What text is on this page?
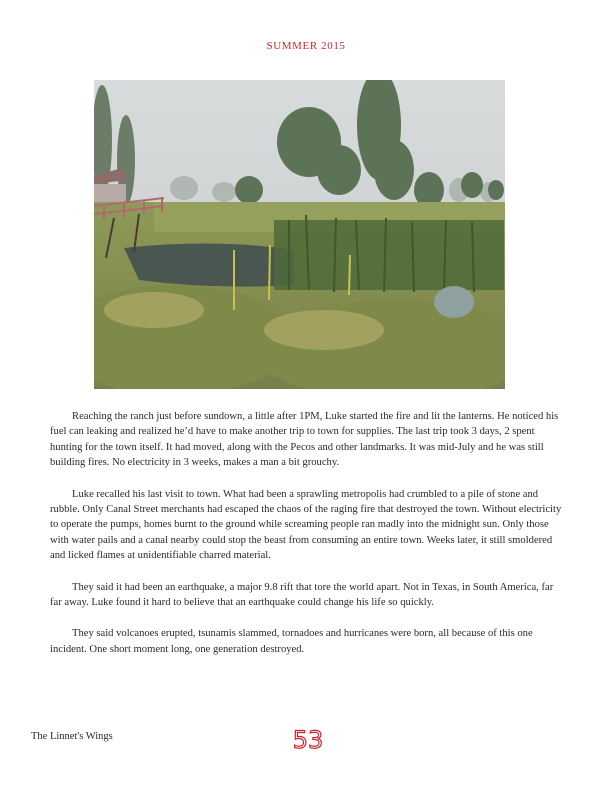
SUMMER 2015

Reaching the ranch just before sundown, a little after 1PM, Luke started the fire and lit the lanterns. He noticed his fuel can leaking and realized he’d have to make another trip to town for supplies. The last trip took 3 days, 2 spent hunting for the town itself. It had moved, along with the Pecos and other landmarks. It was mid-July and he was still building fires. No electricity in 3 weeks, makes a man a bit grouchy.

Luke recalled his last visit to town. What had been a sprawling metropolis had crumbled to a pile of stone and rubble. Only Canal Street merchants had escaped the chaos of the raging fire that destroyed the town. Without electricity to operate the pumps, homes burnt to the ground while screaming people ran madly into the midnight sun. Only those with water pails and a canal nearby could stop the beast from consuming an entire town. Weeks later, it still smoldered and licked flames at unidentifiable charred material.

They said it had been an earthquake, a major 9.8 rift that tore the world apart. Not in Texas, in South America, far far away. Luke found it hard to believe that an earthquake could change his life so quickly.

They said volcanoes erupted, tsunamis slammed, tornadoes and hurricanes were born, all because of this one incident. One short moment long, one generation destroyed.

The Linnet's Wings	53
